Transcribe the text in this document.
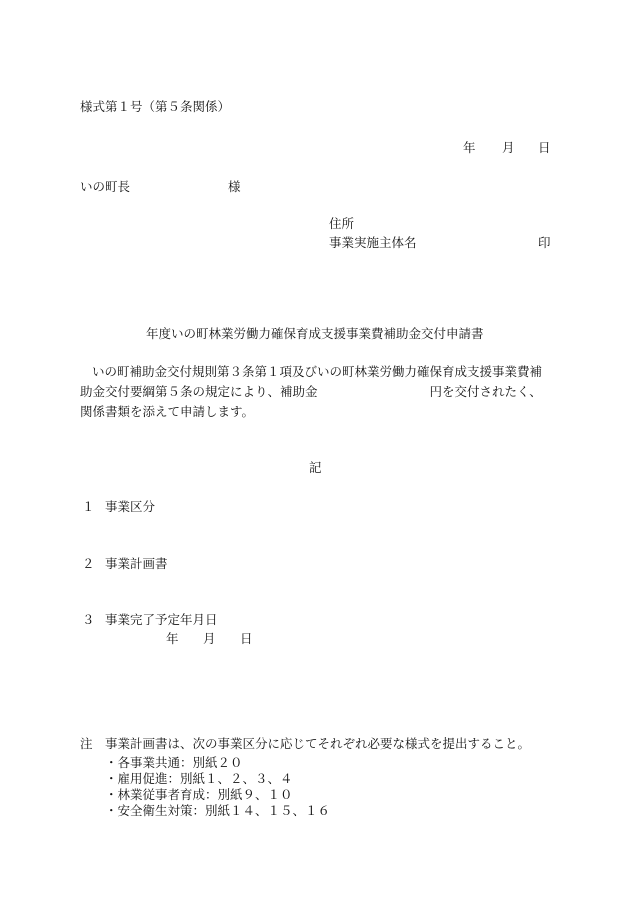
様式第１号（第５条関係）
年 月 日
いの町長	様
住所
事業実施主体名	印
年度いの町林業労働力確保育成支援事業費補助金交付申請書
いの町補助金交付規則第３条第１項及びいの町林業労働力確保育成支援事業費補助金交付要綱第５条の規定により、補助金	円を交付されたく、関係書類を添えて申請します。
記
１ 事業区分
２ 事業計画書
３ 事業完了予定年月日
年 月 日
注 事業計画書は、次の事業区分に応じてそれぞれ必要な様式を提出すること。
・各事業共通：別紙２０
・雇用促進：別紙１、２、３、４
・林業従事者育成：別紙９、１０
・安全衛生対策：別紙１４、１５、１６
